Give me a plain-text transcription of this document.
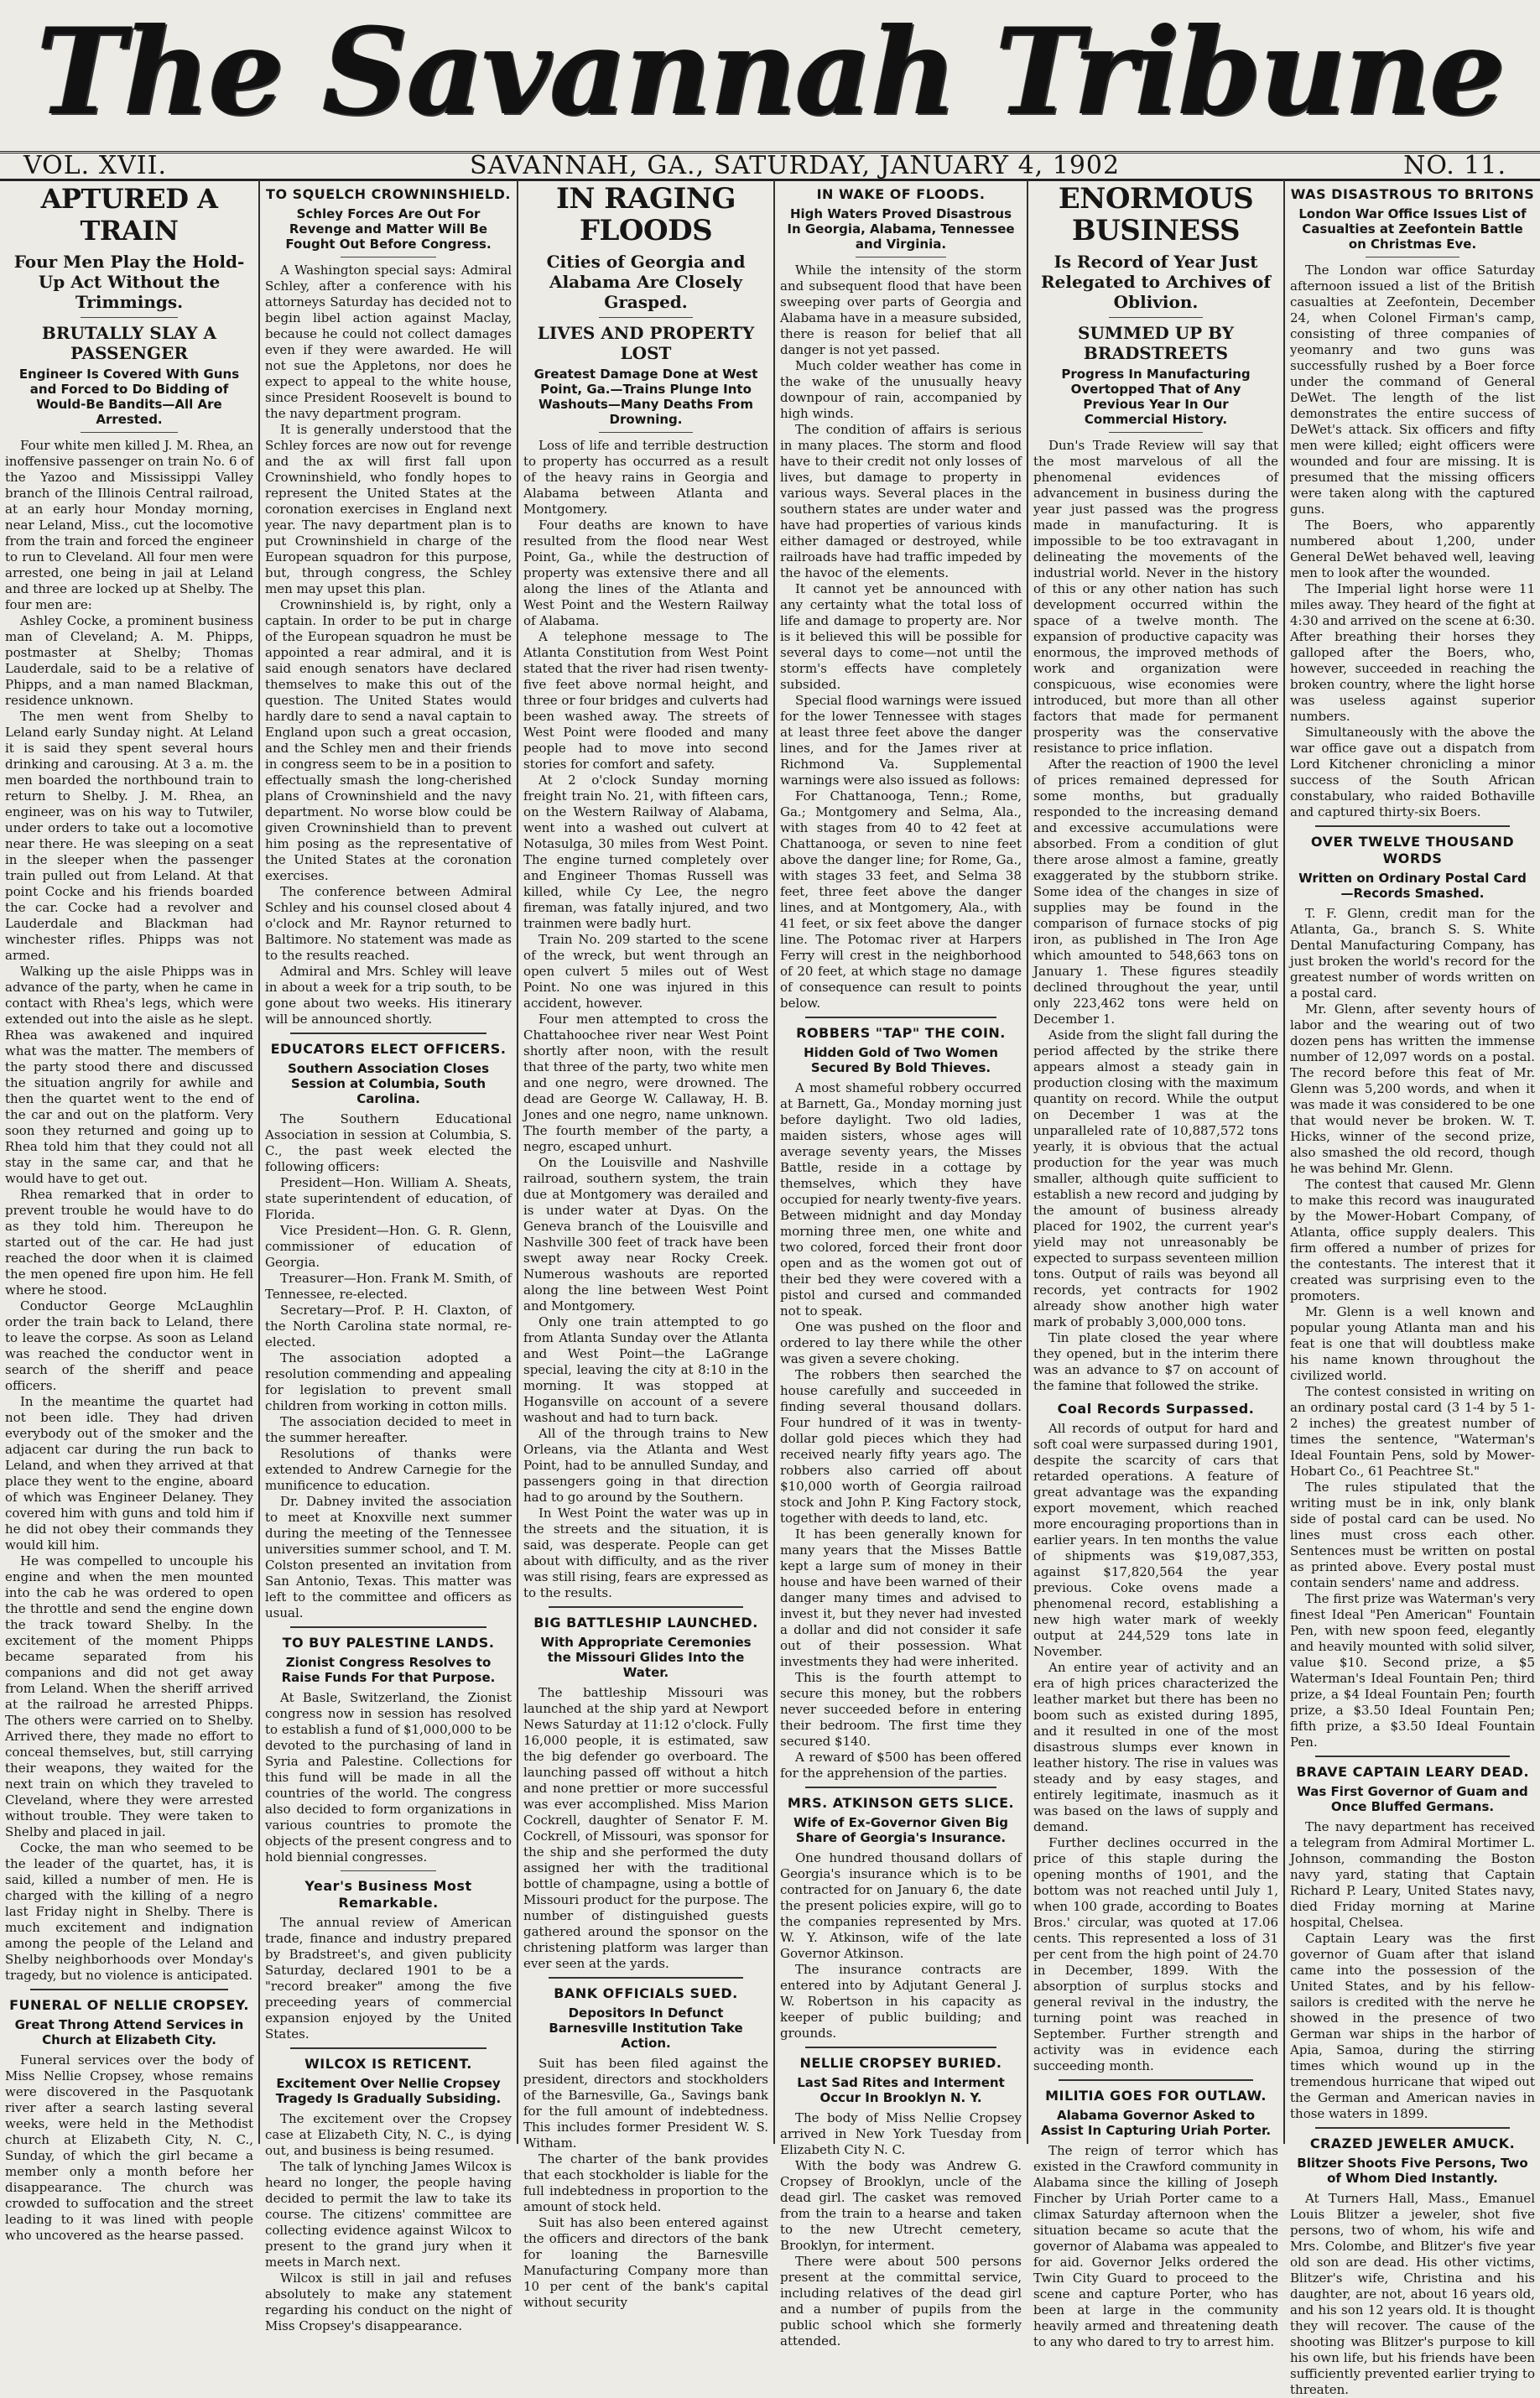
The Savannah Tribune
VOL. XVII.	SAVANNAH, GA., SATURDAY, JANUARY 4, 1902	NO. 11.
APTURED A TRAIN
Four Men Play the Hold-Up Act Without the Trimmings.
BRUTALLY SLAY A PASSENGER
Engineer Is Covered With Guns and Forced to Do Bidding of Would-Be Bandits—All Are Arrested.

Four white men killed J. M. Rhea, an inoffensive passenger on train No. 6 of the Yazoo and Mississippi Valley branch of the Illinois Central railroad, at an early hour Monday morning, near Leland, Miss., cut the locomotive from the train and forced the engineer to run to Cleveland. All four men were arrested, one being in jail at Leland and three are locked up at Shelby. The four men are:

Ashley Cocke, a prominent business man of Cleveland; A. M. Phipps, postmaster at Shelby; Thomas Lauderdale, said to be a relative of Phipps, and a man named Blackman, residence unknown.

The men went from Shelby to Leland early Sunday night. At Leland it is said they spent several hours drinking and carousing. At 3 a. m. the men boarded the northbound train to return to Shelby. J. M. Rhea, an engineer, was on his way to Tutwiler, under orders to take out a locomotive near there. He was sleeping on a seat in the sleeper when the passenger train pulled out from Leland. At that point Cocke and his friends boarded the car. Cocke had a revolver and Lauderdale and Blackman had winchester rifles. Phipps was not armed.

Walking up the aisle Phipps was in advance of the party, when he came in contact with Rhea's legs, which were extended out into the aisle as he slept. Rhea was awakened and inquired what was the matter. The members of the party stood there and discussed the situation angrily for awhile and then the quartet went to the end of the car and out on the platform. Very soon they returned and going up to Rhea told him that they could not all stay in the same car, and that he would have to get out.

Rhea remarked that in order to prevent trouble he would have to do as they told him. Thereupon he started out of the car. He had just reached the door when it is claimed the men opened fire upon him. He fell where he stood.

Conductor George McLaughlin order the train back to Leland, there to leave the corpse. As soon as Leland was reached the conductor went in search of the sheriff and peace officers.

In the meantime the quartet had not been idle. They had driven everybody out of the smoker and the adjacent car during the run back to Leland, and when they arrived at that place they went to the engine, aboard of which was Engineer Delaney. They covered him with guns and told him if he did not obey their commands they would kill him.

He was compelled to uncouple his engine and when the men mounted into the cab he was ordered to open the throttle and send the engine down the track toward Shelby. In the excitement of the moment Phipps became separated from his companions and did not get away from Leland. When the sheriff arrived at the railroad he arrested Phipps. The others were carried on to Shelby. Arrived there, they made no effort to conceal themselves, but, still carrying their weapons, they waited for the next train on which they traveled to Cleveland, where they were arrested without trouble. They were taken to Shelby and placed in jail.

Cocke, the man who seemed to be the leader of the quartet, has, it is said, killed a number of men. He is charged with the killing of a negro last Friday night in Shelby. There is much excitement and indignation among the people of the Leland and Shelby neighborhoods over Monday's tragedy, but no violence is anticipated.

FUNERAL OF NELLIE CROPSEY.
Great Throng Attend Services in Church at Elizabeth City.

Funeral services over the body of Miss Nellie Cropsey, whose remains were discovered in the Pasquotank river after a search lasting several weeks, were held in the Methodist church at Elizabeth City, N. C., Sunday, of which the girl became a member only a month before her disappearance. The church was crowded to suffocation and the street leading to it was lined with people who uncovered as the hearse passed.

TO SQUELCH CROWNINSHIELD.
Schley Forces Are Out For Revenge and Matter Will Be Fought Out Before Congress.

A Washington special says: Admiral Schley, after a conference with his attorneys Saturday has decided not to begin libel action against Maclay, because he could not collect damages even if they were awarded. He will not sue the Appletons, nor does he expect to appeal to the white house, since President Roosevelt is bound to the navy department program.

It is generally understood that the Schley forces are now out for revenge and the ax will first fall upon Crowninshield, who fondly hopes to represent the United States at the coronation exercises in England next year. The navy department plan is to put Crowninshield in charge of the European squadron for this purpose, but, through congress, the Schley men may upset this plan.

Crowninshield is, by right, only a captain. In order to be put in charge of the European squadron he must be appointed a rear admiral, and it is said enough senators have declared themselves to make this out of the question. The United States would hardly dare to send a naval captain to England upon such a great occasion, and the Schley men and their friends in congress seem to be in a position to effectually smash the long-cherished plans of Crowninshield and the navy department. No worse blow could be given Crowninshield than to prevent him posing as the representative of the United States at the coronation exercises.

The conference between Admiral Schley and his counsel closed about 4 o'clock and Mr. Raynor returned to Baltimore. No statement was made as to the results reached.

Admiral and Mrs. Schley will leave in about a week for a trip south, to be gone about two weeks. His itinerary will be announced shortly.

EDUCATORS ELECT OFFICERS.
Southern Association Closes Session at Columbia, South Carolina.

The Southern Educational Association in session at Columbia, S. C., the past week elected the following officers:

President—Hon. William A. Sheats, state superintendent of education, of Florida.

Vice President—Hon. G. R. Glenn, commissioner of education of Georgia.

Treasurer—Hon. Frank M. Smith, of Tennessee, re-elected.

Secretary—Prof. P. H. Claxton, of the North Carolina state normal, re-elected.

The association adopted a resolution commending and appealing for legislation to prevent small children from working in cotton mills.

The association decided to meet in the summer hereafter.

Resolutions of thanks were extended to Andrew Carnegie for the munificence to education.

Dr. Dabney invited the association to meet at Knoxville next summer during the meeting of the Tennessee universities summer school, and T. M. Colston presented an invitation from San Antonio, Texas. This matter was left to the committee and officers as usual.

TO BUY PALESTINE LANDS.
Zionist Congress Resolves to Raise Funds For that Purpose.

At Basle, Switzerland, the Zionist congress now in session has resolved to establish a fund of $1,000,000 to be devoted to the purchasing of land in Syria and Palestine. Collections for this fund will be made in all the countries of the world. The congress also decided to form organizations in various countries to promote the objects of the present congress and to hold biennial congresses.

Year's Business Most Remarkable.

The annual review of American trade, finance and industry prepared by Bradstreet's, and given publicity Saturday, declared 1901 to be a "record breaker" among the five preceeding years of commercial expansion enjoyed by the United States.

WILCOX IS RETICENT.
Excitement Over Nellie Cropsey Tragedy Is Gradually Subsiding.

The excitement over the Cropsey case at Elizabeth City, N. C., is dying out, and business is being resumed.

The talk of lynching James Wilcox is heard no longer, the people having decided to permit the law to take its course. The citizens' committee are collecting evidence against Wilcox to present to the grand jury when it meets in March next.

Wilcox is still in jail and refuses absolutely to make any statement regarding his conduct on the night of Miss Cropsey's disappearance.

IN RAGING FLOODS
Cities of Georgia and Alabama Are Closely Grasped.
LIVES AND PROPERTY LOST
Greatest Damage Done at West Point, Ga.—Trains Plunge Into Washouts—Many Deaths From Drowning.

Loss of life and terrible destruction to property has occurred as a result of the heavy rains in Georgia and Alabama between Atlanta and Montgomery.

Four deaths are known to have resulted from the flood near West Point, Ga., while the destruction of property was extensive there and all along the lines of the Atlanta and West Point and the Western Railway of Alabama.

A telephone message to The Atlanta Constitution from West Point stated that the river had risen twenty-five feet above normal height, and three or four bridges and culverts had been washed away. The streets of West Point were flooded and many people had to move into second stories for comfort and safety.

At 2 o'clock Sunday morning freight train No. 21, with fifteen cars, on the Western Railway of Alabama, went into a washed out culvert at Notasulga, 30 miles from West Point. The engine turned completely over and Engineer Thomas Russell was killed, while Cy Lee, the negro fireman, was fatally injured, and two trainmen were badly hurt.

Train No. 209 started to the scene of the wreck, but went through an open culvert 5 miles out of West Point. No one was injured in this accident, however.

Four men attempted to cross the Chattahoochee river near West Point shortly after noon, with the result that three of the party, two white men and one negro, were drowned. The dead are George W. Callaway, H. B. Jones and one negro, name unknown. The fourth member of the party, a negro, escaped unhurt.

On the Louisville and Nashville railroad, southern system, the train due at Montgomery was derailed and is under water at Dyas. On the Geneva branch of the Louisville and Nashville 300 feet of track have been swept away near Rocky Creek. Numerous washouts are reported along the line between West Point and Montgomery.

Only one train attempted to go from Atlanta Sunday over the Atlanta and West Point—the LaGrange special, leaving the city at 8:10 in the morning. It was stopped at Hogansville on account of a severe washout and had to turn back.

All of the through trains to New Orleans, via the Atlanta and West Point, had to be annulled Sunday, and passengers going in that direction had to go around by the Southern.

In West Point the water was up in the streets and the situation, it is said, was desperate. People can get about with difficulty, and as the river was still rising, fears are expressed as to the results.

BIG BATTLESHIP LAUNCHED.
With Appropriate Ceremonies the Missouri Glides Into the Water.

The battleship Missouri was launched at the ship yard at Newport News Saturday at 11:12 o'clock. Fully 16,000 people, it is estimated, saw the big defender go overboard. The launching passed off without a hitch and none prettier or more successful was ever accomplished. Miss Marion Cockrell, daughter of Senator F. M. Cockrell, of Missouri, was sponsor for the ship and she performed the duty assigned her with the traditional bottle of champagne, using a bottle of Missouri product for the purpose. The number of distinguished guests gathered around the sponsor on the christening platform was larger than ever seen at the yards.

BANK OFFICIALS SUED.
Depositors In Defunct Barnesville Institution Take Action.

Suit has been filed against the president, directors and stockholders of the Barnesville, Ga., Savings bank for the full amount of indebtedness. This includes former President W. S. Witham.

The charter of the bank provides that each stockholder is liable for the full indebtedness in proportion to the amount of stock held.

Suit has also been entered against the officers and directors of the bank for loaning the Barnesville Manufacturing Company more than 10 per cent of the bank's capital without security

IN WAKE OF FLOODS.
High Waters Proved Disastrous In Georgia, Alabama, Tennessee and Virginia.

While the intensity of the storm and subsequent flood that have been sweeping over parts of Georgia and Alabama have in a measure subsided, there is reason for belief that all danger is not yet passed.

Much colder weather has come in the wake of the unusually heavy downpour of rain, accompanied by high winds.

The condition of affairs is serious in many places. The storm and flood have to their credit not only losses of lives, but damage to property in various ways. Several places in the southern states are under water and have had properties of various kinds either damaged or destroyed, while railroads have had traffic impeded by the havoc of the elements.

It cannot yet be announced with any certainty what the total loss of life and damage to property are. Nor is it believed this will be possible for several days to come—not until the storm's effects have completely subsided.

Special flood warnings were issued for the lower Tennessee with stages at least three feet above the danger lines, and for the James river at Richmond Va. Supplemental warnings were also issued as follows:

For Chattanooga, Tenn.; Rome, Ga.; Montgomery and Selma, Ala., with stages from 40 to 42 feet at Chattanooga, or seven to nine feet above the danger line; for Rome, Ga., with stages 33 feet, and Selma 38 feet, three feet above the danger lines, and at Montgomery, Ala., with 41 feet, or six feet above the danger line. The Potomac river at Harpers Ferry will crest in the neighborhood of 20 feet, at which stage no damage of consequence can result to points below.

ROBBERS "TAP" THE COIN.
Hidden Gold of Two Women Secured By Bold Thieves.

A most shameful robbery occurred at Barnett, Ga., Monday morning just before daylight. Two old ladies, maiden sisters, whose ages will average seventy years, the Misses Battle, reside in a cottage by themselves, which they have occupied for nearly twenty-five years. Between midnight and day Monday morning three men, one white and two colored, forced their front door open and as the women got out of their bed they were covered with a pistol and cursed and commanded not to speak.

One was pushed on the floor and ordered to lay there while the other was given a severe choking.

The robbers then searched the house carefully and succeeded in finding several thousand dollars. Four hundred of it was in twenty-dollar gold pieces which they had received nearly fifty years ago. The robbers also carried off about $10,000 worth of Georgia railroad stock and John P. King Factory stock, together with deeds to land, etc.

It has been generally known for many years that the Misses Battle kept a large sum of money in their house and have been warned of their danger many times and advised to invest it, but they never had invested a dollar and did not consider it safe out of their possession. What investments they had were inherited.

This is the fourth attempt to secure this money, but the robbers never succeeded before in entering their bedroom. The first time they secured $140.

A reward of $500 has been offered for the apprehension of the parties.

MRS. ATKINSON GETS SLICE.
Wife of Ex-Governor Given Big Share of Georgia's Insurance.

One hundred thousand dollars of Georgia's insurance which is to be contracted for on January 6, the date the present policies expire, will go to the companies represented by Mrs. W. Y. Atkinson, wife of the late Governor Atkinson.

The insurance contracts are entered into by Adjutant General J. W. Robertson in his capacity as keeper of public building; and grounds.

NELLIE CROPSEY BURIED.
Last Sad Rites and Interment Occur In Brooklyn N. Y.

The body of Miss Nellie Cropsey arrived in New York Tuesday from Elizabeth City N. C.

With the body was Andrew G. Cropsey of Brooklyn, uncle of the dead girl. The casket was removed from the train to a hearse and taken to the new Utrecht cemetery, Brooklyn, for interment.

There were about 500 persons present at the committal service, including relatives of the dead girl and a number of pupils from the public school which she formerly attended.

ENORMOUS BUSINESS
Is Record of Year Just Relegated to Archives of Oblivion.
SUMMED UP BY BRADSTREETS
Progress In Manufacturing Overtopped That of Any Previous Year In Our Commercial History.

Dun's Trade Review will say that the most marvelous of all the phenomenal evidences of advancement in business during the year just passed was the progress made in manufacturing. It is impossible to be too extravagant in delineating the movements of the industrial world. Never in the history of this or any other nation has such development occurred within the space of a twelve month. The expansion of productive capacity was enormous, the improved methods of work and organization were conspicuous, wise economies were introduced, but more than all other factors that made for permanent prosperity was the conservative resistance to price inflation.

After the reaction of 1900 the level of prices remained depressed for some months, but gradually responded to the increasing demand and excessive accumulations were absorbed. From a condition of glut there arose almost a famine, greatly exaggerated by the stubborn strike. Some idea of the changes in size of supplies may be found in the comparison of furnace stocks of pig iron, as published in The Iron Age which amounted to 548,663 tons on January 1. These figures steadily declined throughout the year, until only 223,462 tons were held on December 1.

Aside from the slight fall during the period affected by the strike there appears almost a steady gain in production closing with the maximum quantity on record. While the output on December 1 was at the unparalleled rate of 10,887,572 tons yearly, it is obvious that the actual production for the year was much smaller, although quite sufficient to establish a new record and judging by the amount of business already placed for 1902, the current year's yield may not unreasonably be expected to surpass seventeen million tons. Output of rails was beyond all records, yet contracts for 1902 already show another high water mark of probably 3,000,000 tons.

Tin plate closed the year where they opened, but in the interim there was an advance to $7 on account of the famine that followed the strike.

Coal Records Surpassed.

All records of output for hard and soft coal were surpassed during 1901, despite the scarcity of cars that retarded operations. A feature of great advantage was the expanding export movement, which reached more encouraging proportions than in earlier years. In ten months the value of shipments was $19,087,353, against $17,820,564 the year previous. Coke ovens made a phenomenal record, establishing a new high water mark of weekly output at 244,529 tons late in November.

An entire year of activity and an era of high prices characterized the leather market but there has been no boom such as existed during 1895, and it resulted in one of the most disastrous slumps ever known in leather history. The rise in values was steady and by easy stages, and entirely legitimate, inasmuch as it was based on the laws of supply and demand.

Further declines occurred in the price of this staple during the opening months of 1901, and the bottom was not reached until July 1, when 100 grade, according to Boates Bros.' circular, was quoted at 17.06 cents. This represented a loss of 31 per cent from the high point of 24.70 in December, 1899. With the absorption of surplus stocks and general revival in the industry, the turning point was reached in September. Further strength and activity was in evidence each succeeding month.

MILITIA GOES FOR OUTLAW.
Alabama Governor Asked to Assist In Capturing Uriah Porter.

The reign of terror which has existed in the Crawford community in Alabama since the killing of Joseph Fincher by Uriah Porter came to a climax Saturday afternoon when the situation became so acute that the governor of Alabama was appealed to for aid. Governor Jelks ordered the Twin City Guard to proceed to the scene and capture Porter, who has been at large in the community heavily armed and threatening death to any who dared to try to arrest him.

WAS DISASTROUS TO BRITONS
London War Office Issues List of Casualties at Zeefontein Battle on Christmas Eve.

The London war office Saturday afternoon issued a list of the British casualties at Zeefontein, December 24, when Colonel Firman's camp, consisting of three companies of yeomanry and two guns was successfully rushed by a Boer force under the command of General DeWet. The length of the list demonstrates the entire success of DeWet's attack. Six officers and fifty men were killed; eight officers were wounded and four are missing. It is presumed that the missing officers were taken along with the captured guns.

The Boers, who apparently numbered about 1,200, under General DeWet behaved well, leaving men to look after the wounded.

The Imperial light horse were 11 miles away. They heard of the fight at 4:30 and arrived on the scene at 6:30. After breathing their horses they galloped after the Boers, who, however, succeeded in reaching the broken country, where the light horse was useless against superior numbers.

Simultaneously with the above the war office gave out a dispatch from Lord Kitchener chronicling a minor success of the South African constabulary, who raided Bothaville and captured thirty-six Boers.

OVER TWELVE THOUSAND WORDS
Written on Ordinary Postal Card—Records Smashed.

T. F. Glenn, credit man for the Atlanta, Ga., branch S. S. White Dental Manufacturing Company, has just broken the world's record for the greatest number of words written on a postal card.

Mr. Glenn, after seventy hours of labor and the wearing out of two dozen pens has written the immense number of 12,097 words on a postal. The record before this feat of Mr. Glenn was 5,200 words, and when it was made it was considered to be one that would never be broken. W. T. Hicks, winner of the second prize, also smashed the old record, though he was behind Mr. Glenn.

The contest that caused Mr. Glenn to make this record was inaugurated by the Mower-Hobart Company, of Atlanta, office supply dealers. This firm offered a number of prizes for the contestants. The interest that it created was surprising even to the promoters.

Mr. Glenn is a well known and popular young Atlanta man and his feat is one that will doubtless make his name known throughout the civilized world.

The contest consisted in writing on an ordinary postal card (3 1-4 by 5 1-2 inches) the greatest number of times the sentence, "Waterman's Ideal Fountain Pens, sold by Mower-Hobart Co., 61 Peachtree St."

The rules stipulated that the writing must be in ink, only blank side of postal card can be used. No lines must cross each other. Sentences must be written on postal as printed above. Every postal must contain senders' name and address.

The first prize was Waterman's very finest Ideal "Pen American" Fountain Pen, with new spoon feed, elegantly and heavily mounted with solid silver, value $10. Second prize, a $5 Waterman's Ideal Fountain Pen; third prize, a $4 Ideal Fountain Pen; fourth prize, a $3.50 Ideal Fountain Pen; fifth prize, a $3.50 Ideal Fountain Pen.

BRAVE CAPTAIN LEARY DEAD.
Was First Governor of Guam and Once Bluffed Germans.

The navy department has received a telegram from Admiral Mortimer L. Johnson, commanding the Boston navy yard, stating that Captain Richard P. Leary, United States navy, died Friday morning at Marine hospital, Chelsea.

Captain Leary was the first governor of Guam after that island came into the possession of the United States, and by his fellow-sailors is credited with the nerve he showed in the presence of two German war ships in the harbor of Apia, Samoa, during the stirring times which wound up in the tremendous hurricane that wiped out the German and American navies in those waters in 1899.

CRAZED JEWELER AMUCK.
Blitzer Shoots Five Persons, Two of Whom Died Instantly.

At Turners Hall, Mass., Emanuel Louis Blitzer a jeweler, shot five persons, two of whom, his wife and Mrs. Colombe, and Blitzer's five year old son are dead. His other victims, Blitzer's wife, Christina and his daughter, are not, about 16 years old, and his son 12 years old. It is thought they will recover. The cause of the shooting was Blitzer's purpose to kill his own life, but his friends have been sufficiently prevented earlier trying to threaten.
